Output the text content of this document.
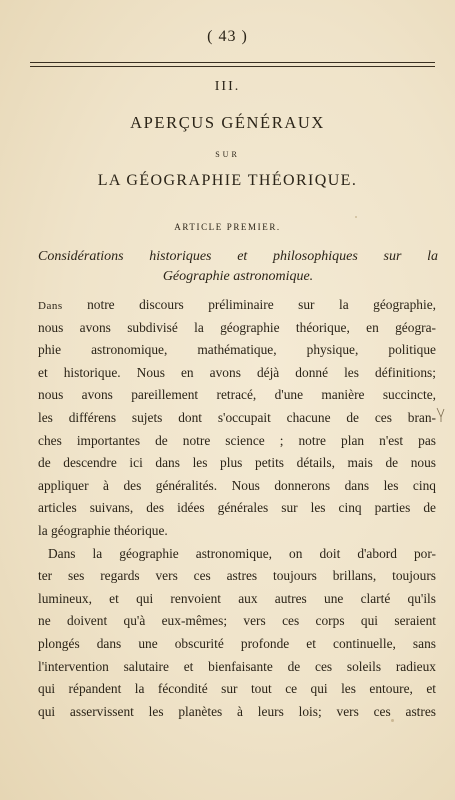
( 43 )
III.
APERÇUS GÉNÉRAUX
SUR
LA GÉOGRAPHIE THÉORIQUE.
ARTICLE PREMIER.
Considérations historiques et philosophiques sur la
Géographie astronomique.
Dans notre discours préliminaire sur la géographie,
nous avons subdivisé la géographie théorique, en géogra-
phie astronomique, mathématique, physique, politique
et historique. Nous en avons déjà donné les définitions;
nous avons pareillement retracé, d'une manière succincte,
les différens sujets dont s'occupait chacune de ces bran-
ches importantes de notre science ; notre plan n'est pas
de descendre ici dans les plus petits détails, mais de nous
appliquer à des généralités. Nous donnerons dans les cinq
articles suivans, des idées générales sur les cinq parties de
la géographie théorique.
Dans la géographie astronomique, on doit d'abord por-
ter ses regards vers ces astres toujours brillans, toujours
lumineux, et qui renvoient aux autres une clarté qu'ils
ne doivent qu'à eux-mêmes; vers ces corps qui seraient
plongés dans une obscurité profonde et continuelle, sans
l'intervention salutaire et bienfaisante de ces soleils radieux
qui répandent la fécondité sur tout ce qui les entoure, et
qui asservissent les planètes à leurs lois; vers ces astres
